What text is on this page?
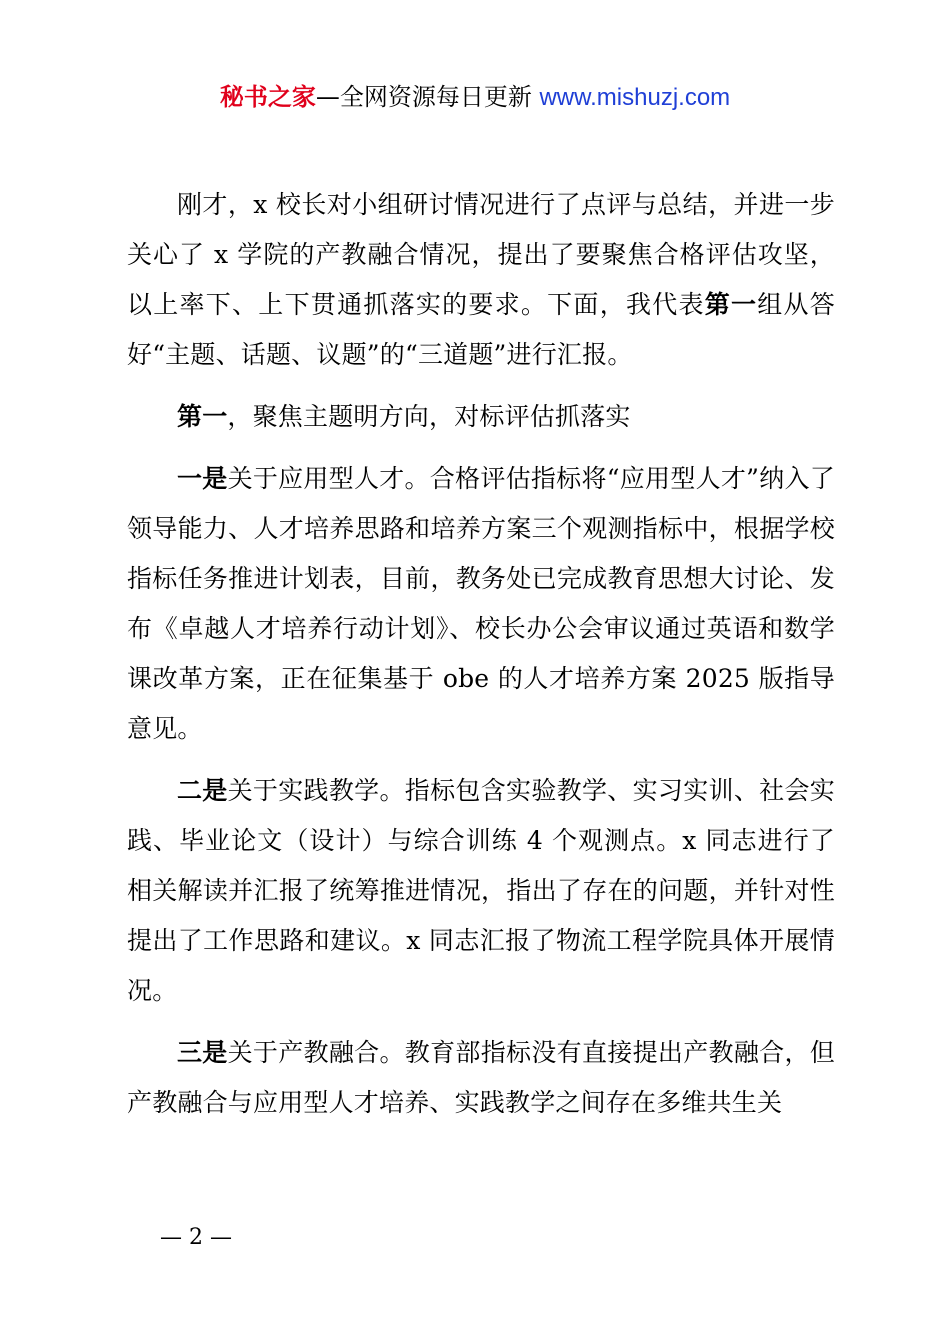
秘书之家—全网资源每日更新 www.mishuzj.com

刚才，x 校长对小组研讨情况进行了点评与总结，并进一步关心了 x 学院的产教融合情况，提出了要聚焦合格评估攻坚，以上率下、上下贯通抓落实的要求。下面，我代表第一组从答好“主题、话题、议题”的“三道题”进行汇报。

第一，聚焦主题明方向，对标评估抓落实

一是关于应用型人才。合格评估指标将“应用型人才”纳入了领导能力、人才培养思路和培养方案三个观测指标中，根据学校指标任务推进计划表，目前，教务处已完成教育思想大讨论、发布《卓越人才培养行动计划》、校长办公会审议通过英语和数学课改革方案，正在征集基于 obe 的人才培养方案 2025 版指导意见。

二是关于实践教学。指标包含实验教学、实习实训、社会实践、毕业论文（设计）与综合训练 4 个观测点。x 同志进行了相关解读并汇报了统筹推进情况，指出了存在的问题，并针对性提出了工作思路和建议。x 同志汇报了物流工程学院具体开展情况。

三是关于产教融合。教育部指标没有直接提出产教融合，但产教融合与应用型人才培养、实践教学之间存在多维共生关

— 2 —
